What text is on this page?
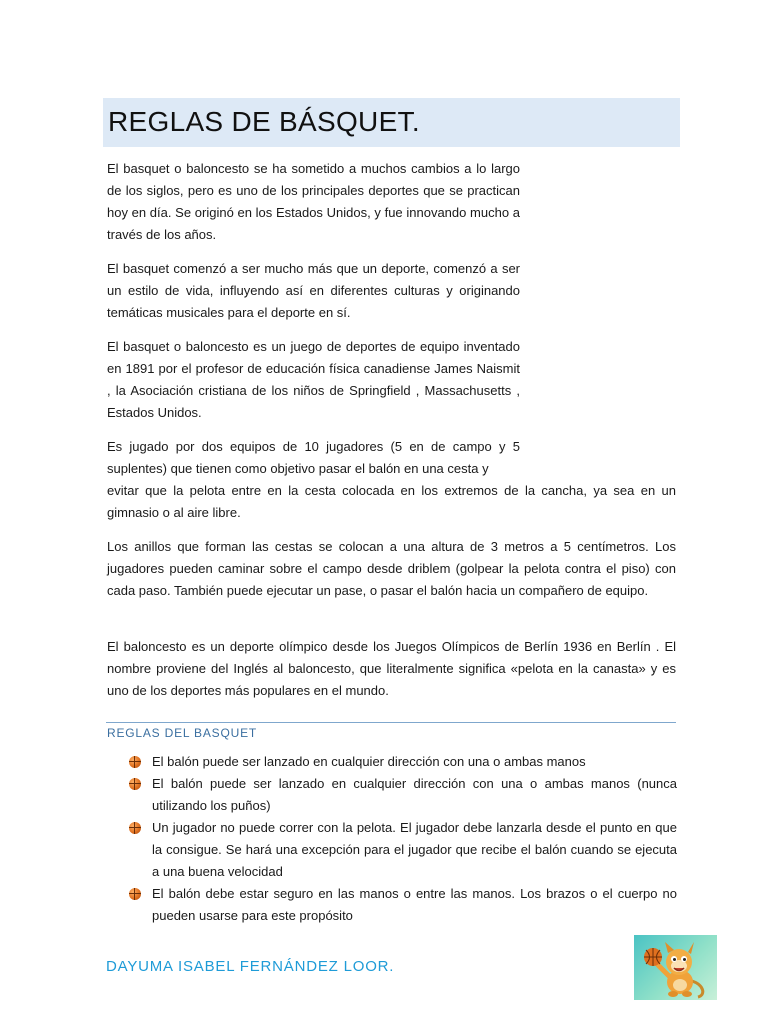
REGLAS DE BÁSQUET.

El basquet o baloncesto se ha sometido a muchos cambios a lo largo de los siglos, pero es uno de los principales deportes que se practican hoy en día. Se originó en los Estados Unidos, y fue innovando mucho a través de los años.

El basquet comenzó a ser mucho más que un deporte, comenzó a ser un estilo de vida, influyendo así en diferentes culturas y originando temáticas musicales para el deporte en sí.

El basquet o baloncesto es un juego de deportes de equipo inventado en 1891 por el profesor de educación física canadiense James Naismit , la Asociación cristiana de los niños de Springfield , Massachusetts , Estados Unidos.

Es jugado por dos equipos de 10 jugadores (5 en de campo y 5 suplentes) que tienen como objetivo pasar el balón en una cesta y

evitar que la pelota entre en la cesta colocada en los extremos de la cancha, ya sea en un gimnasio o al aire libre.

Los anillos que forman las cestas se colocan a una altura de 3 metros a 5 centímetros. Los jugadores pueden caminar sobre el campo desde driblem (golpear la pelota contra el piso) con cada paso. También puede ejecutar un pase, o pasar el balón hacia un compañero de equipo.

El baloncesto es un deporte olímpico desde los Juegos Olímpicos de Berlín 1936 en Berlín . El nombre proviene del Inglés al baloncesto, que literalmente significa «pelota en la canasta» y es uno de los deportes más populares en el mundo.

REGLAS DEL BASQUET
El balón puede ser lanzado en cualquier dirección con una o ambas manos
El balón puede ser lanzado en cualquier dirección con una o ambas manos (nunca utilizando los puños)
Un jugador no puede correr con la pelota. El jugador debe lanzarla desde el punto en que la consigue. Se hará una excepción para el jugador que recibe el balón cuando se ejecuta a una buena velocidad
El balón debe estar seguro en las manos o entre las manos. Los brazos o el cuerpo no pueden usarse para este propósito

DAYUMA ISABEL FERNÁNDEZ LOOR.
